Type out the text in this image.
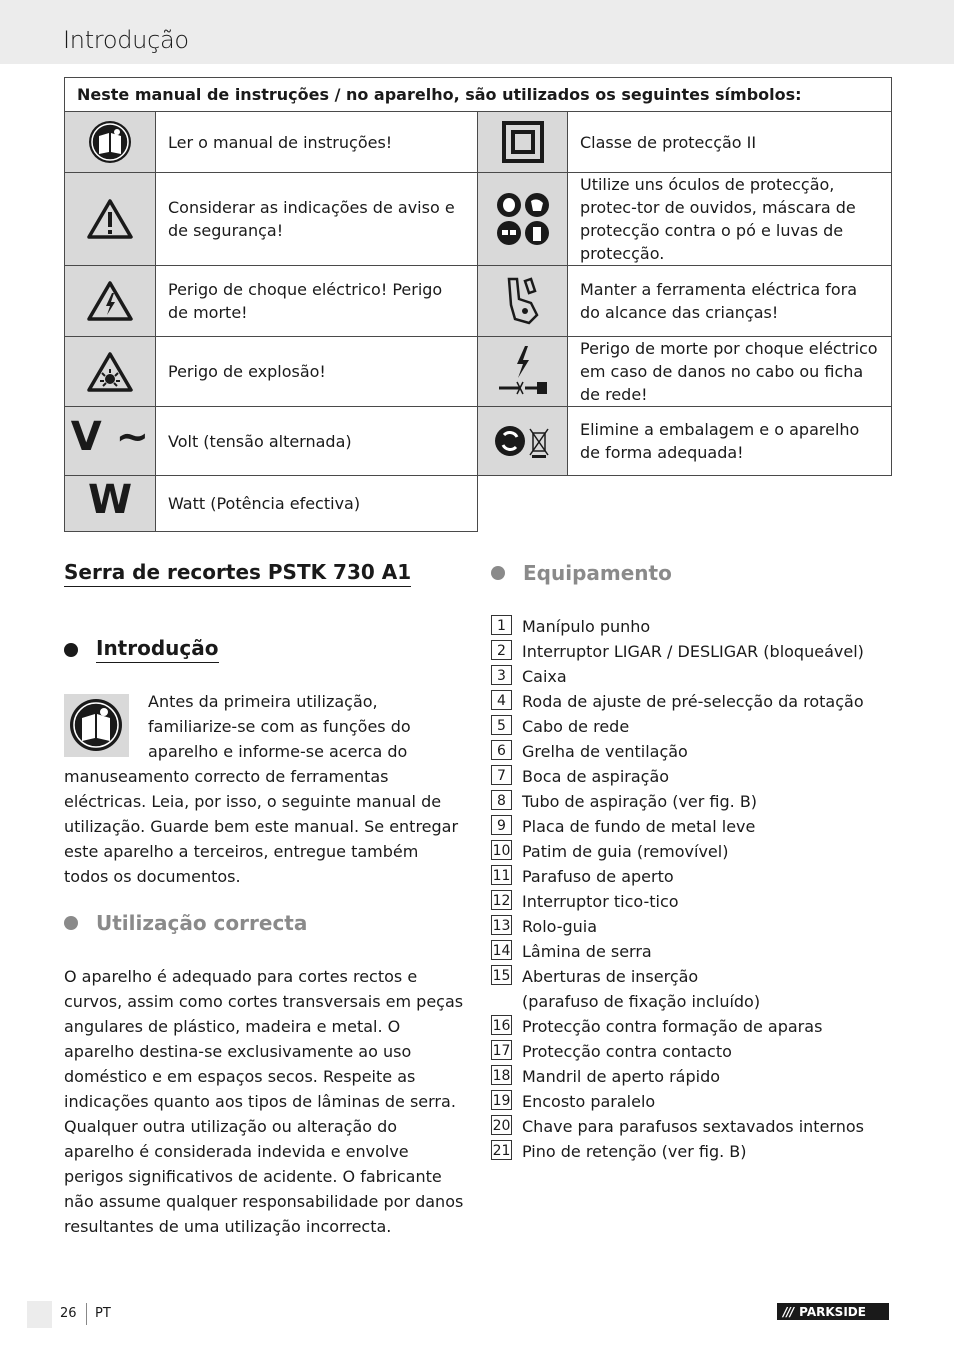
Introdução
Neste manual de instruções / no aparelho, são utilizados os seguintes símbolos:			

	Ler o manual de instruções!		Classe de protecção II

	Considerar as indicações de aviso e de segurança!		Utilize uns óculos de protecção, protec-tor de ouvidos, máscara de protecção contra o pó e luvas de protecção.

	Perigo de choque eléctrico! Perigo de morte!		Manter a ferramenta eléctrica fora do alcance das crianças!

	Perigo de explosão!		Perigo de morte por choque eléctrico em caso de danos no cabo ou ficha de rede!
V ~	Volt (tensão alternada)		Elimine a embalagem e o aparelho de forma adequada!
W	Watt (Potência efectiva)		
Serra de recortes PSTK 730 A1
Introdução

Antes da primeira utilização, familiarize-se com as funções do aparelho e informe-se acerca do manuseamento correcto de ferramentas eléctricas. Leia, por isso, o seguinte manual de utilização. Guarde bem este manual. Se entregar este aparelho a terceiros, entregue também todos os documentos.

Utilização correcta

O aparelho é adequado para cortes rectos e curvos, assim como cortes transversais em peças angulares de plástico, madeira e metal. O aparelho destina-se exclusivamente ao uso doméstico e em espaços secos. Respeite as indicações quanto aos tipos de lâminas de serra. Qualquer outra utilização ou alteração do aparelho é considerada indevida e envolve perigos significativos de acidente. O fabricante não assume qualquer responsabilidade por danos resultantes de uma utilização incorrecta.

Equipamento
1	Manípulo punho
2	Interruptor LIGAR / DESLIGAR (bloqueável)
3	Caixa
4	Roda de ajuste de pré-selecção da rotação
5	Cabo de rede
6	Grelha de ventilação
7	Boca de aspiração
8	Tubo de aspiração (ver fig. B)
9	Placa de fundo de metal leve
10 Patim de guia (removível)
11 Parafuso de aperto
12 Interruptor tico-tico
13 Rolo-guia
14 Lâmina de serra
15 Aberturas de inserção
(parafuso de fixação incluído)
16 Protecção contra formação de aparas
17 Protecção contra contacto
18 Mandril de aperto rápido
19 Encosto paralelo
20 Chave para parafusos sextavados internos
21 Pino de retenção (ver fig. B)
26 PT	/// PARKSIDE
